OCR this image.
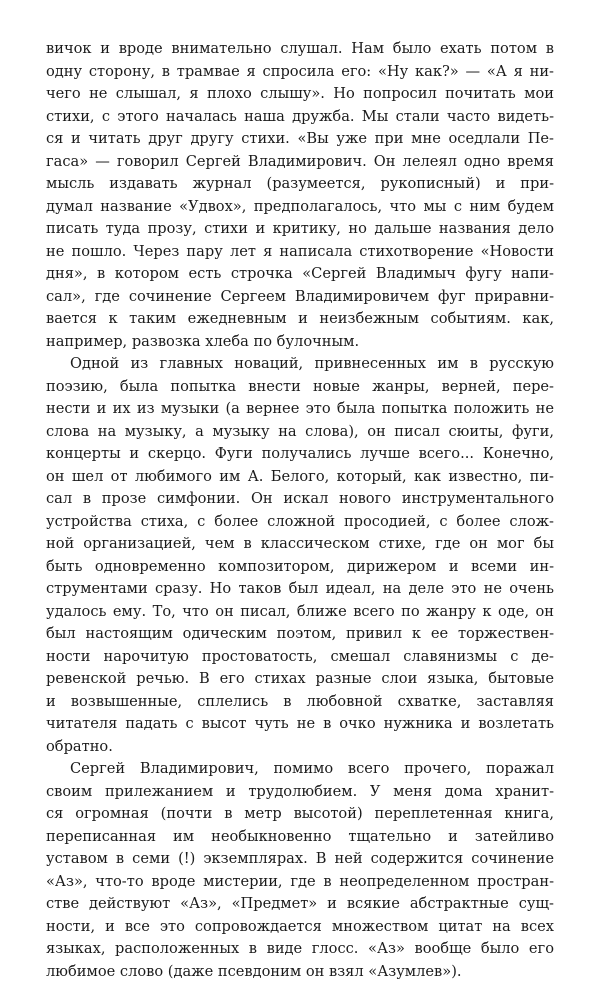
вичок и вроде внимательно слушал. Нам было ехать потом в
одну сторону, в трамвае я спросила его: «Ну как?» — «А я ни-
чего не слышал, я плохо слышу». Но попросил почитать мои
стихи, с этого началась наша дружба. Мы стали часто видеть-
ся и читать друг другу стихи. «Вы уже при мне оседлали Пе-
гаса» — говорил Сергей Владимирович. Он лелеял одно время
мысль издавать журнал (разумеется, рукописный) и при-
думал название «Удвох», предполагалось, что мы с ним будем
писать туда прозу, стихи и критику, но дальше названия дело
не пошло. Через пару лет я написала стихотворение «Новости
дня», в котором есть строчка «Сергей Владимыч фугу напи-
сал», где сочинение Сергеем Владимировичем фуг приравни-
вается к таким ежедневным и неизбежным событиям. как,
например, развозка хлеба по булочным.
Одной из главных новаций, привнесенных им в русскую
поэзию, была попытка внести новые жанры, верней, пере-
нести и их из музыки (а вернее это была попытка положить не
слова на музыку, а музыку на слова), он писал сюиты, фуги,
концерты и скерцо. Фуги получались лучше всего... Конечно,
он шел от любимого им А. Белого, который, как известно, пи-
сал в прозе симфонии. Он искал нового инструментального
устройства стиха, с более сложной просодией, с более слож-
ной организацией, чем в классическом стихе, где он мог бы
быть одновременно композитором, дирижером и всеми ин-
струментами сразу. Но таков был идеал, на деле это не очень
удалось ему. То, что он писал, ближе всего по жанру к оде, он
был настоящим одическим поэтом, привил к ее торжествен-
ности нарочитую простоватость, смешал славянизмы с де-
ревенской речью. В его стихах разные слои языка, бытовые
и возвышенные, сплелись в любовной схватке, заставляя
читателя падать с высот чуть не в очко нужника и возлетать
обратно.
Сергей Владимирович, помимо всего прочего, поражал
своим прилежанием и трудолюбием. У меня дома хранит-
ся огромная (почти в метр высотой) переплетенная книга,
переписанная им необыкновенно тщательно и затейливо
уставом в семи (!) экземплярах. В ней содержится сочинение
«Аз», что-то вроде мистерии, где в неопределенном простран-
стве действуют «Аз», «Предмет» и всякие абстрактные сущ-
ности, и все это сопровождается множеством цитат на всех
языках, расположенных в виде глосс. «Аз» вообще было его
любимое слово (даже псевдоним он взял «Азумлев»).
